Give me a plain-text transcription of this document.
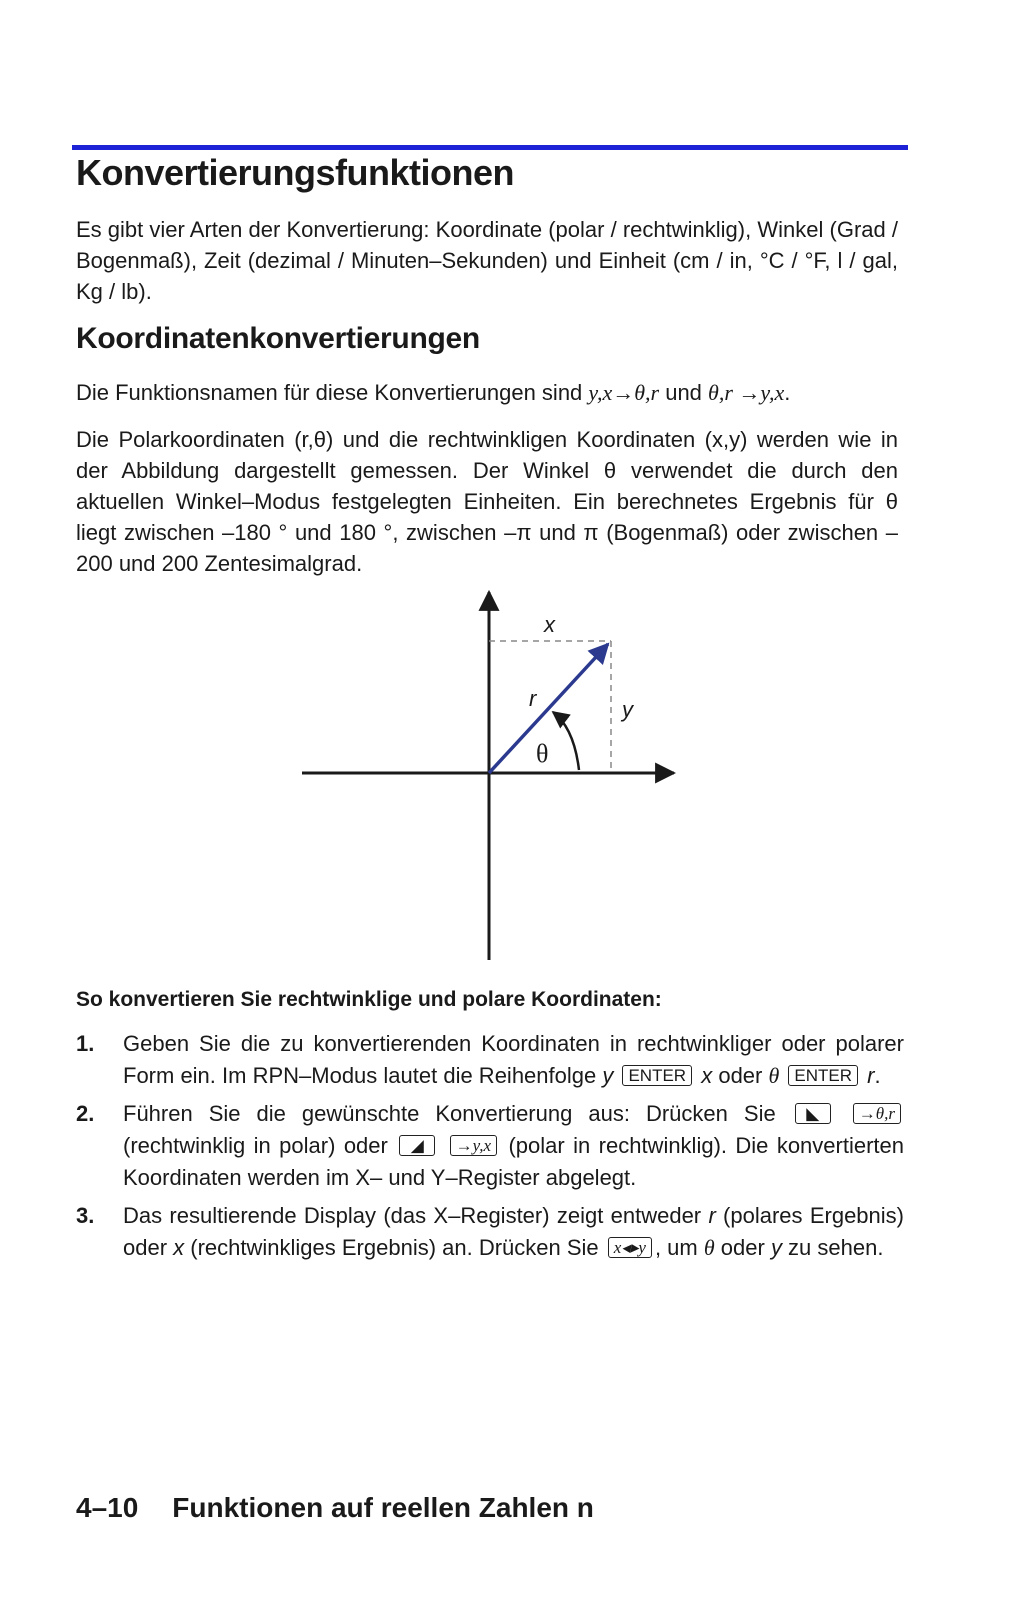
Konvertierungsfunktionen
Es gibt vier Arten der Konvertierung: Koordinate (polar / rechtwinklig), Winkel (Grad / Bogenmaß), Zeit (dezimal / Minuten–Sekunden) und Einheit (cm / in, °C / °F, l / gal, Kg / lb).
Koordinatenkonvertierungen
Die Funktionsnamen für diese Konvertierungen sind y,x→θ,r und θ,r →y,x.
Die Polarkoordinaten (r,θ) und die rechtwinkligen Koordinaten (x,y) werden wie in der Abbildung dargestellt gemessen. Der Winkel θ verwendet die durch den aktuellen Winkel–Modus festgelegten Einheiten. Ein berechnetes Ergebnis für θ liegt zwischen –180 ° und 180 °, zwischen –π und π (Bogenmaß) oder zwischen –200 und 200 Zentesimalgrad.
x
y
r
θ
So konvertieren Sie rechtwinklige und polare Koordinaten:
1. Geben Sie die zu konvertierenden Koordinaten in rechtwinkliger oder polarer Form ein. Im RPN–Modus lautet die Reihenfolge y ENTER x oder θ ENTER r.
2. Führen Sie die gewünschte Konvertierung aus: Drücken Sie ◣ →θ,r (rechtwinklig in polar) oder ◢ →y,x (polar in rechtwinklig). Die konvertierten Koordinaten werden im X– und Y–Register abgelegt.
3. Das resultierende Display (das X–Register) zeigt entweder r (polares Ergebnis) oder x (rechtwinkliges Ergebnis) an. Drücken Sie x◂▸y , um θ oder y zu sehen.
4–10 Funktionen auf reellen Zahlen n
